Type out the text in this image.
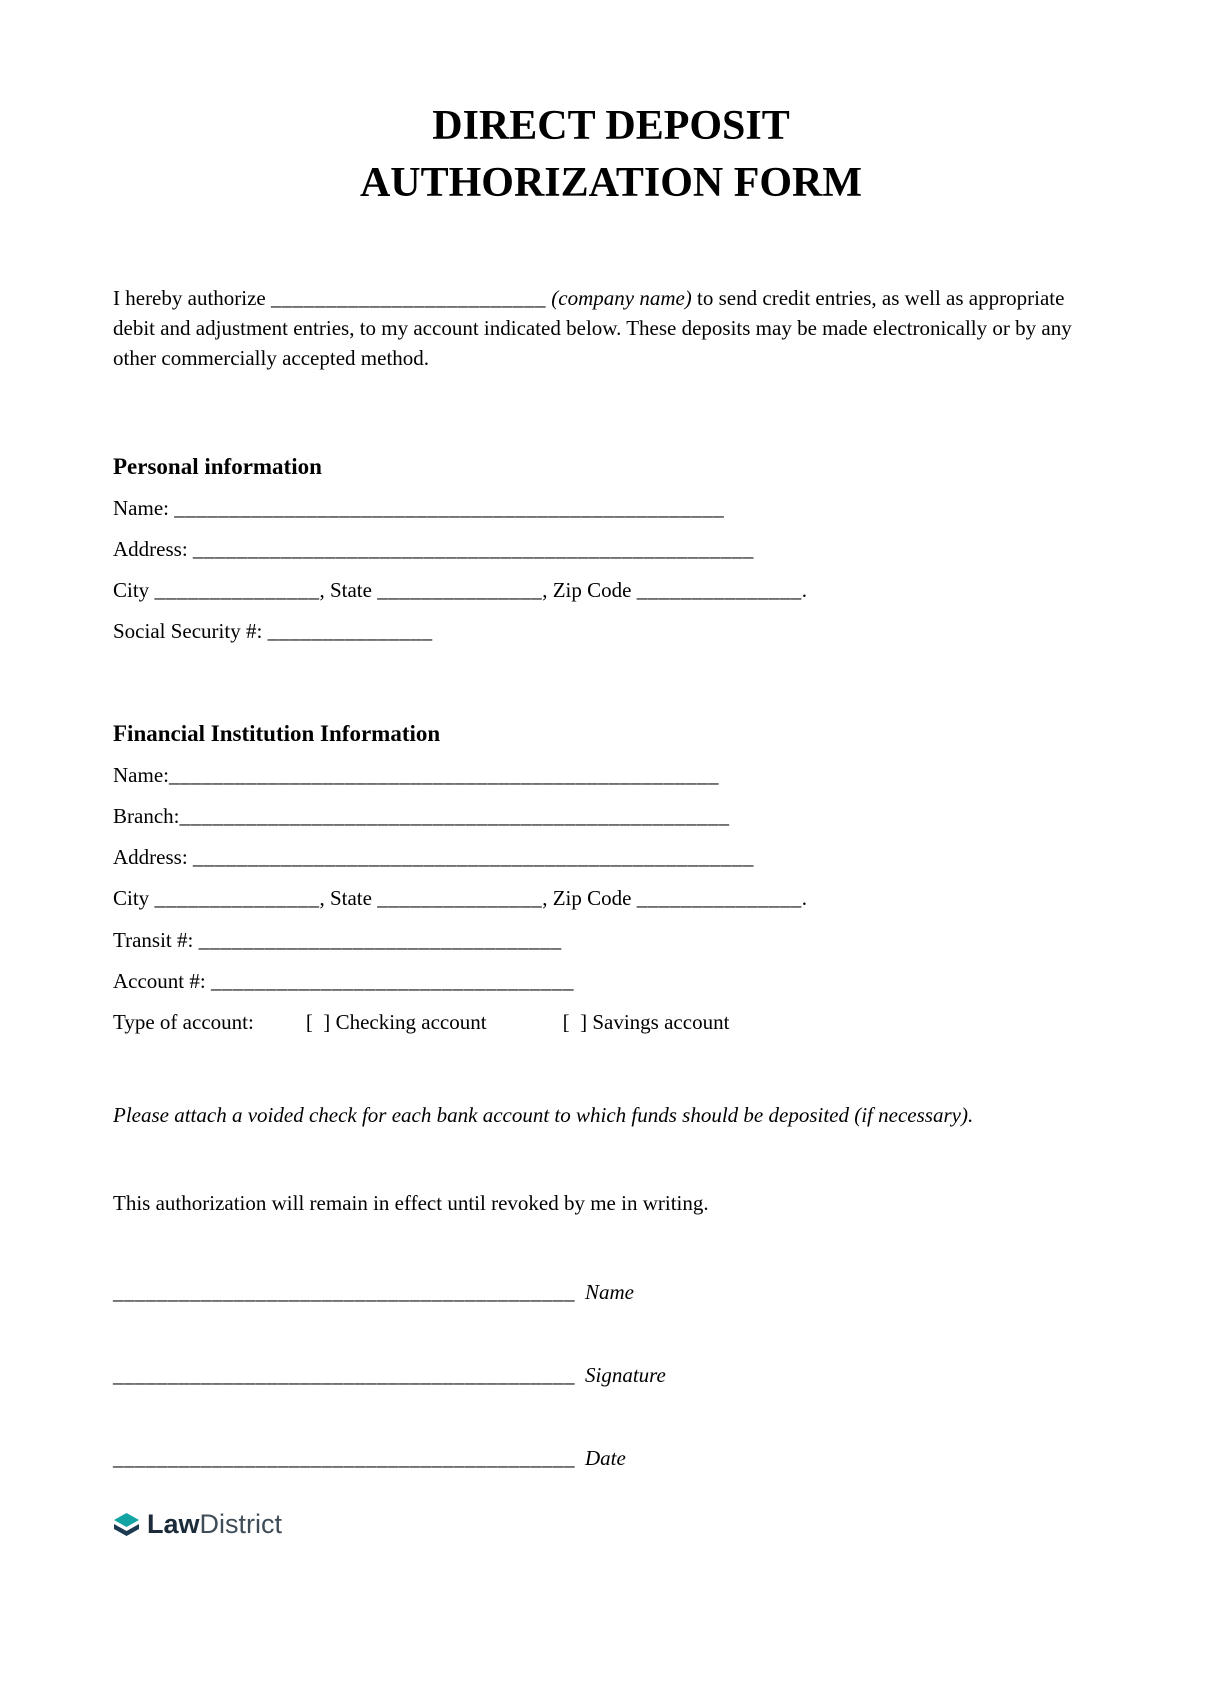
DIRECT DEPOSIT
AUTHORIZATION FORM

I hereby authorize _________________________ (company name) to send credit entries, as well as appropriate debit and adjustment entries, to my account indicated below. These deposits may be made electronically or by any other commercially accepted method.

Personal information
Name: __________________________________________________
Address: ___________________________________________________
City _______________, State _______________, Zip Code _______________.
Social Security #: _______________
Financial Institution Information
Name:__________________________________________________
Branch:__________________________________________________
Address: ___________________________________________________
City _______________, State _______________, Zip Code _______________.
Transit #: _________________________________
Account #: _________________________________
Type of account: [  ] Checking account	[  ] Savings account

Please attach a voided check for each bank account to which funds should be deposited (if necessary).

This authorization will remain in effect until revoked by me in writing.

__________________________________________ Name
__________________________________________ Signature
__________________________________________ Date
LawDistrict
